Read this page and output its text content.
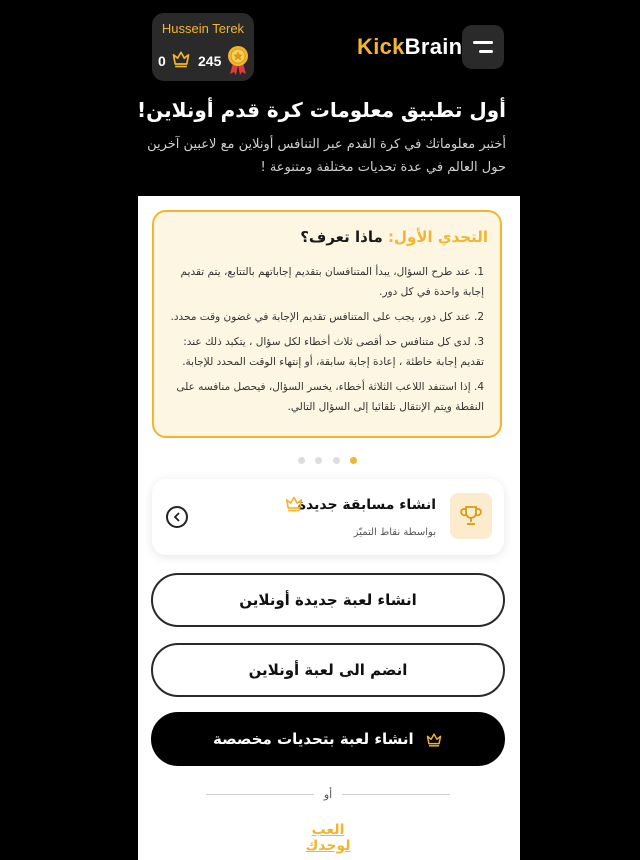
Hussein Terek
0 245
KickBrain
أول تطبيق معلومات كرة قدم أونلاين!
أختبر معلوماتك في كرة القدم عبر التنافس أونلاين مع لاعبين آخرين حول العالم في عدة تحديات مختلفة ومتنوعة !
التحدي الأول: ماذا تعرف؟

1. عند طرح السؤال، يبدأ المتنافسان بتقديم إجاباتهم بالتتابع، يتم تقديم إجابة واحدة في كل دور.

2. عند كل دور، يجب على المتنافس تقديم الإجابة في غضون وقت محدد.

3. لدى كل متنافس حد أقصى ثلاث أخطاء لكل سؤال ، يتكبد ذلك عند: تقديم إجابة خاطئة ، إعادة إجابة سابقة، أو إنتهاء الوقت المحدد للإجابة.

4. إذا استنفد اللاعب الثلاثة أخطاء، يخسر السؤال، فيحصل منافسه على النقطة ويتم الإنتقال تلقائيا إلى السؤال التالي.

انشاء مسابقة جديدة
بواسطة نقاط التميّز
انشاء لعبة جديدة أونلاين
انضم الى لعبة أونلاين
انشاء لعبة بتحديات مخصصة
أو
العب لوحدك
